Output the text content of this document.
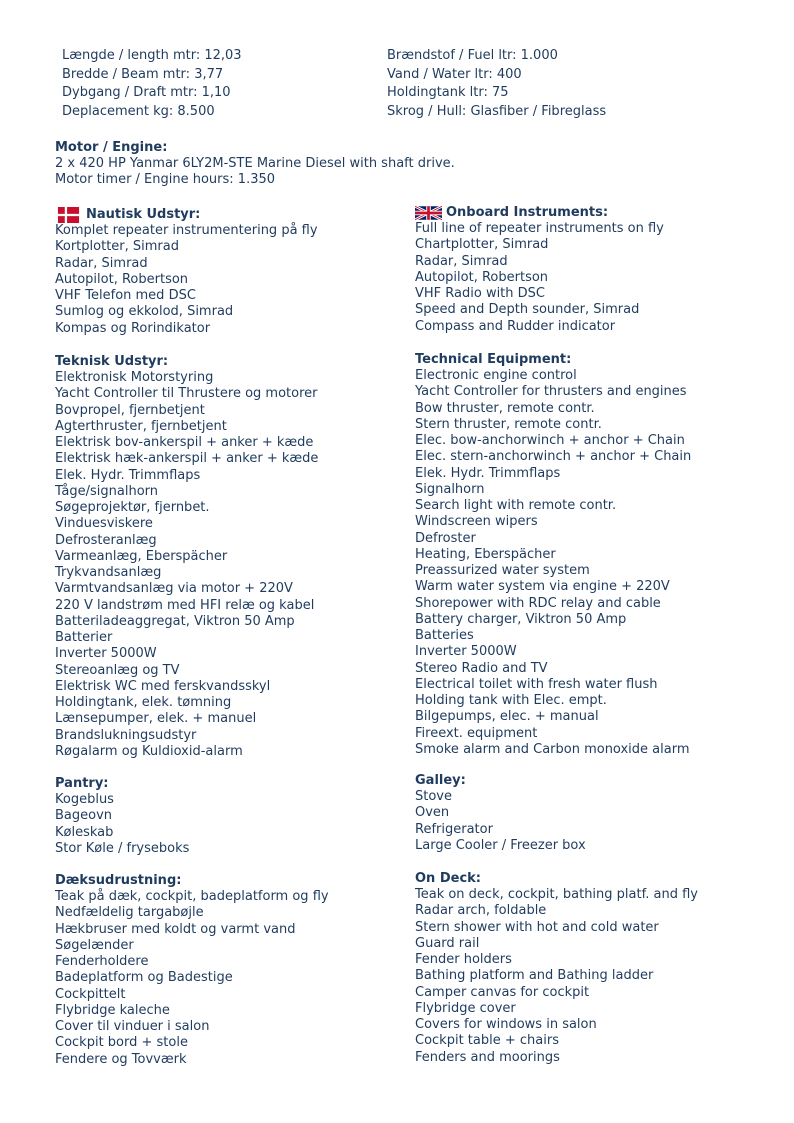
Længde / length mtr: 12,03
Bredde / Beam mtr: 3,77
Dybgang / Draft mtr: 1,10
Deplacement kg: 8.500
Brændstof / Fuel ltr: 1.000
Vand / Water ltr: 400
Holdingtank ltr: 75
Skrog / Hull: Glasfiber / Fibreglass
Motor / Engine:
2 x 420 HP Yanmar 6LY2M-STE Marine Diesel with shaft drive.
Motor timer / Engine hours: 1.350
Nautisk Udstyr:
Komplet repeater instrumentering på fly
Kortplotter, Simrad
Radar, Simrad
Autopilot, Robertson
VHF Telefon med DSC
Sumlog og ekkolod, Simrad
Kompas og Rorindikator
Onboard Instruments:
Full line of repeater instruments on fly
Chartplotter, Simrad
Radar, Simrad
Autopilot, Robertson
VHF Radio with DSC
Speed and Depth sounder, Simrad
Compass and Rudder indicator
Teknisk Udstyr:
Elektronisk Motorstyring
Yacht Controller til Thrustere og motorer
Bovpropel, fjernbetjent
Agterthruster, fjernbetjent
Elektrisk bov-ankerspil + anker + kæde
Elektrisk hæk-ankerspil + anker + kæde
Elek. Hydr. Trimmflaps
Tåge/signalhorn
Søgeprojektør, fjernbet.
Vinduesviskere
Defrosteranlæg
Varmeanlæg, Eberspächer
Trykvandsanlæg
Varmtvandsanlæg via motor + 220V
220 V landstrøm med HFI relæ og kabel
Batteriladeaggregat, Viktron 50 Amp
Batterier
Inverter 5000W
Stereoanlæg og TV
Elektrisk WC med ferskvandsskyl
Holdingtank, elek. tømning
Lænsepumper, elek. + manuel
Brandslukningsudstyr
Røgalarm og Kuldioxid-alarm
Technical Equipment:
Electronic engine control
Yacht Controller for thrusters and engines
Bow thruster, remote contr.
Stern thruster, remote contr.
Elec. bow-anchorwinch + anchor + Chain
Elec. stern-anchorwinch + anchor + Chain
Elek. Hydr. Trimmflaps
Signalhorn
Search light with remote contr.
Windscreen wipers
Defroster
Heating, Eberspächer
Preassurized water system
Warm water system via engine + 220V
Shorepower with RDC relay and cable
Battery charger, Viktron 50 Amp
Batteries
Inverter 5000W
Stereo Radio and TV
Electrical toilet with fresh water flush
Holding tank with Elec. empt.
Bilgepumps, elec. + manual
Fireext. equipment
Smoke alarm and Carbon monoxide alarm
Pantry:
Kogeblus
Bageovn
Køleskab
Stor Køle / fryseboks
Galley:
Stove
Oven
Refrigerator
Large Cooler / Freezer box
Dæksudrustning:
Teak på dæk, cockpit, badeplatform og fly
Nedfældelig targabøjle
Hækbruser med koldt og varmt vand
Søgelænder
Fenderholdere
Badeplatform og Badestige
Cockpittelt
Flybridge kaleche
Cover til vinduer i salon
Cockpit bord + stole
Fendere og Tovværk
On Deck:
Teak on deck, cockpit, bathing platf. and fly
Radar arch, foldable
Stern shower with hot and cold water
Guard rail
Fender holders
Bathing platform and Bathing ladder
Camper canvas for cockpit
Flybridge cover
Covers for windows in salon
Cockpit table + chairs
Fenders and moorings
